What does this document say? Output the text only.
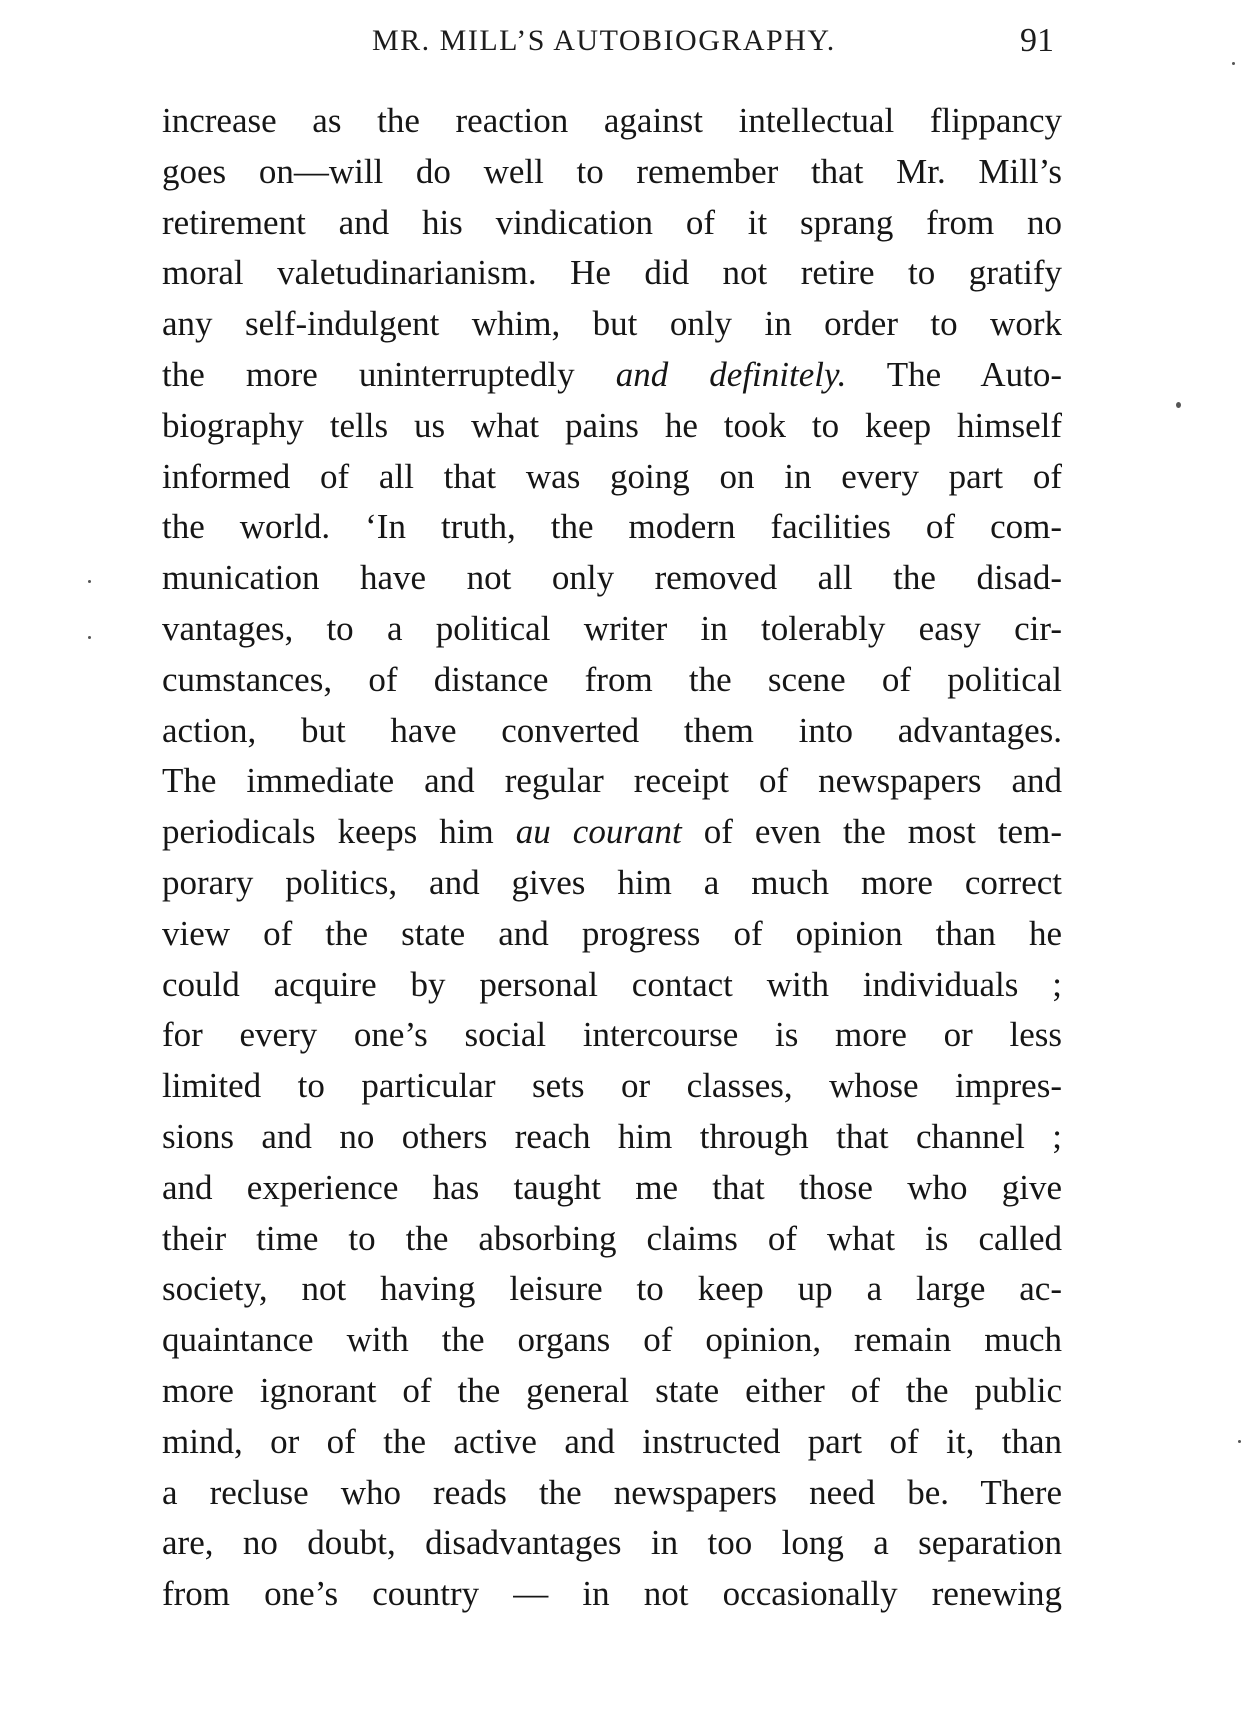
MR. MILL’S AUTOBIOGRAPHY.	91
increase as the reaction against intellectual flippancy
goes on—will do well to remember that Mr. Mill’s
retirement and his vindication of it sprang from no
moral valetudinarianism. He did not retire to gratify
any self-indulgent whim, but only in order to work
the more uninterruptedly and definitely. The Auto-
biography tells us what pains he took to keep himself
informed of all that was going on in every part of
the world. ‘In truth, the modern facilities of com-
munication have not only removed all the disad-
vantages, to a political writer in tolerably easy cir-
cumstances, of distance from the scene of political
action, but have converted them into advantages.
The immediate and regular receipt of newspapers and
periodicals keeps him au courant of even the most tem-
porary politics, and gives him a much more correct
view of the state and progress of opinion than he
could acquire by personal contact with individuals ;
for every one’s social intercourse is more or less
limited to particular sets or classes, whose impres-
sions and no others reach him through that channel ;
and experience has taught me that those who give
their time to the absorbing claims of what is called
society, not having leisure to keep up a large ac-
quaintance with the organs of opinion, remain much
more ignorant of the general state either of the public
mind, or of the active and instructed part of it, than
a recluse who reads the newspapers need be. There
are, no doubt, disadvantages in too long a separation
from one’s country — in not occasionally renewing
